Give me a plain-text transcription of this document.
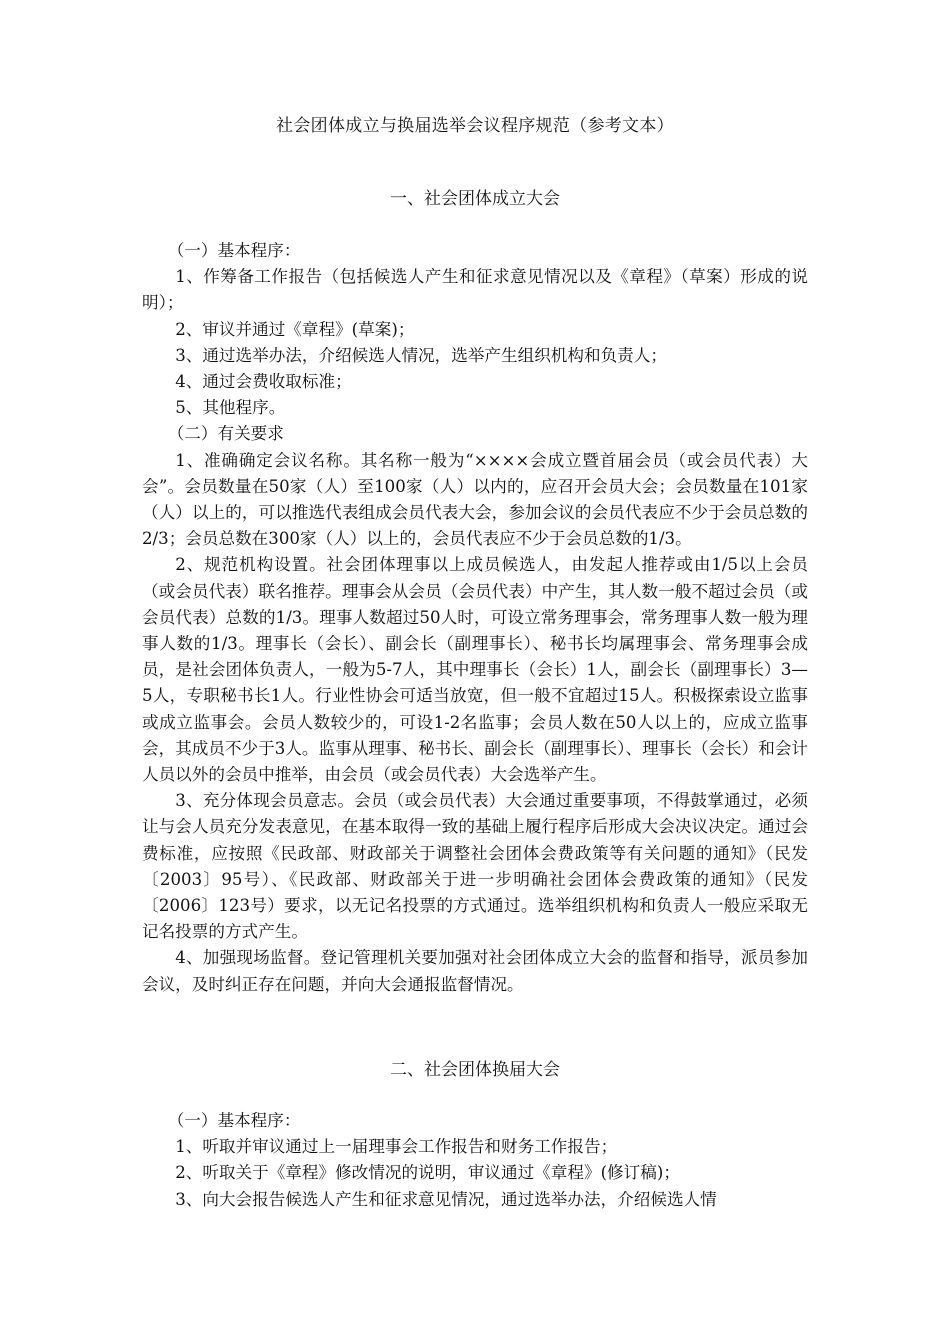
社会团体成立与换届选举会议程序规范（参考文本）
一、社会团体成立大会

（一）基本程序：

1、作筹备工作报告（包括候选人产生和征求意见情况以及《章程》（草案）形成的说明）；

2、审议并通过《章程》(草案)；

3、通过选举办法，介绍候选人情况，选举产生组织机构和负责人；

4、通过会费收取标准；

5、其他程序。

（二）有关要求

1、准确确定会议名称。其名称一般为“××××会成立暨首届会员（或会员代表）大会”。会员数量在50家（人）至100家（人）以内的，应召开会员大会；会员数量在101家（人）以上的，可以推选代表组成会员代表大会，参加会议的会员代表应不少于会员总数的2/3；会员总数在300家（人）以上的，会员代表应不少于会员总数的1/3。

2、规范机构设置。社会团体理事以上成员候选人，由发起人推荐或由1/5以上会员（或会员代表）联名推荐。理事会从会员（会员代表）中产生，其人数一般不超过会员（或会员代表）总数的1/3。理事人数超过50人时，可设立常务理事会，常务理事人数一般为理事人数的1/3。理事长（会长）、副会长（副理事长）、秘书长均属理事会、常务理事会成员，是社会团体负责人，一般为5-7人，其中理事长（会长）1人，副会长（副理事长）3—5人，专职秘书长1人。行业性协会可适当放宽，但一般不宜超过15人。积极探索设立监事或成立监事会。会员人数较少的，可设1-2名监事；会员人数在50人以上的，应成立监事会，其成员不少于3人。监事从理事、秘书长、副会长（副理事长）、理事长（会长）和会计人员以外的会员中推举，由会员（或会员代表）大会选举产生。

3、充分体现会员意志。会员（或会员代表）大会通过重要事项，不得鼓掌通过，必须让与会人员充分发表意见，在基本取得一致的基础上履行程序后形成大会决议决定。通过会费标准，应按照《民政部、财政部关于调整社会团体会费政策等有关问题的通知》（民发〔2003〕95号）、《民政部、财政部关于进一步明确社会团体会费政策的通知》（民发〔2006〕123号）要求，以无记名投票的方式通过。选举组织机构和负责人一般应采取无记名投票的方式产生。

4、加强现场监督。登记管理机关要加强对社会团体成立大会的监督和指导，派员参加会议，及时纠正存在问题，并向大会通报监督情况。

二、社会团体换届大会

（一）基本程序：

1、听取并审议通过上一届理事会工作报告和财务工作报告；

2、听取关于《章程》修改情况的说明，审议通过《章程》(修订稿)；

3、向大会报告候选人产生和征求意见情况，通过选举办法，介绍候选人情
